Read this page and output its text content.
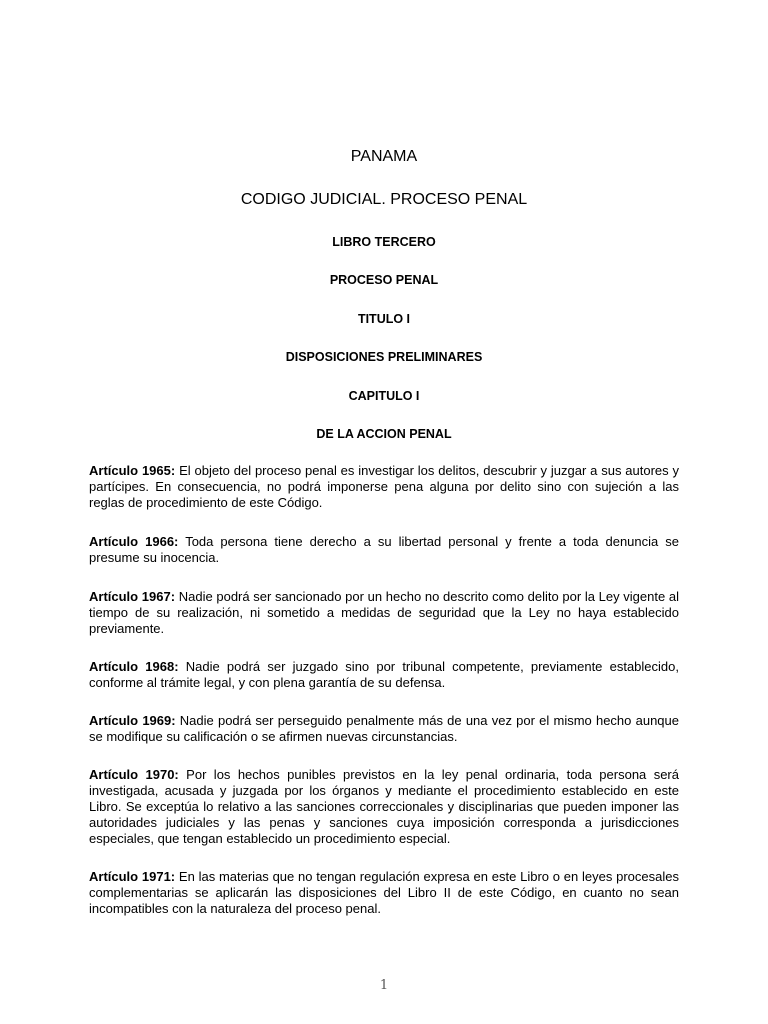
PANAMA
CODIGO JUDICIAL. PROCESO PENAL
LIBRO TERCERO
PROCESO PENAL
TITULO I
DISPOSICIONES PRELIMINARES
CAPITULO I
DE LA ACCION PENAL

Artículo 1965: El objeto del proceso penal es investigar los delitos, descubrir y juzgar a sus autores y partícipes. En consecuencia, no podrá imponerse pena alguna por delito sino con sujeción a las reglas de procedimiento de este Código.

Artículo 1966: Toda persona tiene derecho a su libertad personal y frente a toda denuncia se presume su inocencia.

Artículo 1967: Nadie podrá ser sancionado por un hecho no descrito como delito por la Ley vigente al tiempo de su realización, ni sometido a medidas de seguridad que la Ley no haya establecido previamente.

Artículo 1968: Nadie podrá ser juzgado sino por tribunal competente, previamente establecido, conforme al trámite legal, y con plena garantía de su defensa.

Artículo 1969: Nadie podrá ser perseguido penalmente más de una vez por el mismo hecho aunque se modifique su calificación o se afirmen nuevas circunstancias.

Artículo 1970: Por los hechos punibles previstos en la ley penal ordinaria, toda persona será investigada, acusada y juzgada por los órganos y mediante el procedimiento establecido en este Libro. Se exceptúa lo relativo a las sanciones correccionales y disciplinarias que pueden imponer las autoridades judiciales y las penas y sanciones cuya imposición corresponda a jurisdicciones especiales, que tengan establecido un procedimiento especial.

Artículo 1971: En las materias que no tengan regulación expresa en este Libro o en leyes procesales complementarias se aplicarán las disposiciones del Libro II de este Código, en cuanto no sean incompatibles con la naturaleza del proceso penal.

1
